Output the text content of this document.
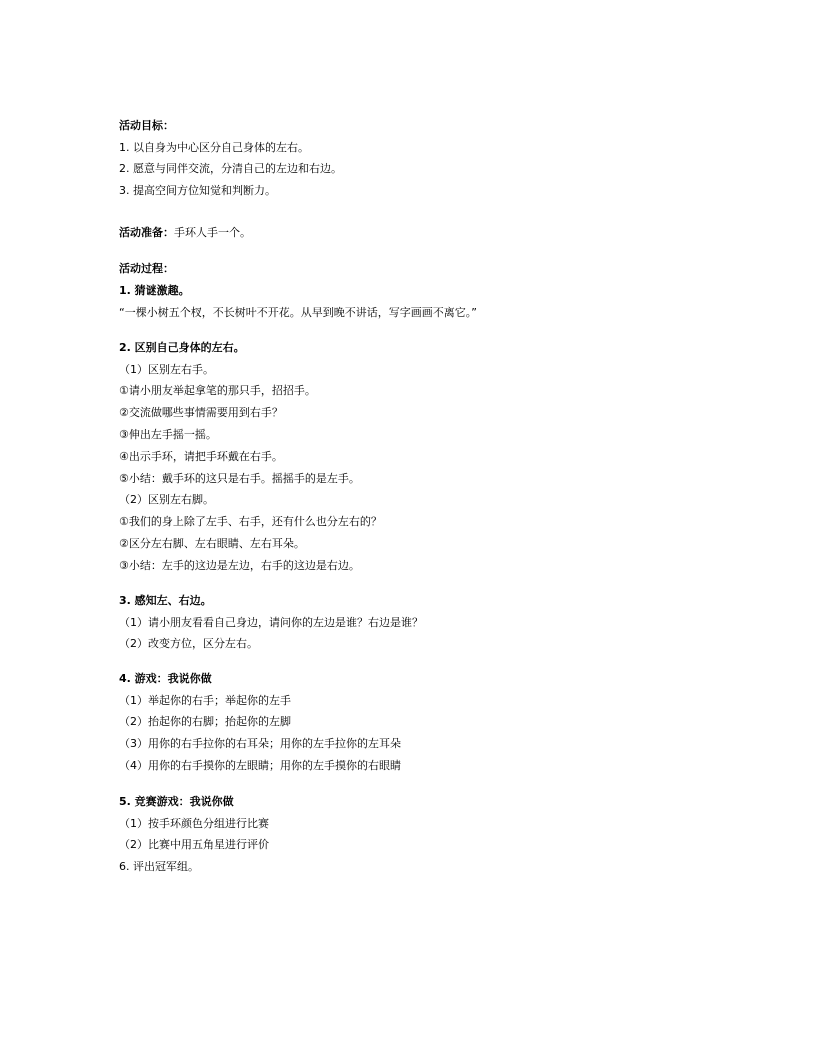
活动目标：
1. 以自身为中心区分自己身体的左右。
2. 愿意与同伴交流，分清自己的左边和右边。
3. 提高空间方位知觉和判断力。
活动准备：手环人手一个。
活动过程：
1. 猜谜激趣。
“一棵小树五个杈，不长树叶不开花。从早到晚不讲话，写字画画不离它。”
2. 区别自己身体的左右。
（1）区别左右手。
①请小朋友举起拿笔的那只手，招招手。
②交流做哪些事情需要用到右手？
③伸出左手摇一摇。
④出示手环，请把手环戴在右手。
⑤小结：戴手环的这只是右手。摇摇手的是左手。
（2）区别左右脚。
①我们的身上除了左手、右手，还有什么也分左右的？
②区分左右脚、左右眼睛、左右耳朵。
③小结：左手的这边是左边，右手的这边是右边。
3. 感知左、右边。
（1）请小朋友看看自己身边，请问你的左边是谁？右边是谁？
（2）改变方位，区分左右。
4. 游戏：我说你做
（1）举起你的右手；举起你的左手
（2）抬起你的右脚；抬起你的左脚
（3）用你的右手拉你的右耳朵；用你的左手拉你的左耳朵
（4）用你的右手摸你的左眼睛；用你的左手摸你的右眼睛
5. 竞赛游戏：我说你做
（1）按手环颜色分组进行比赛
（2）比赛中用五角星进行评价
6. 评出冠军组。
